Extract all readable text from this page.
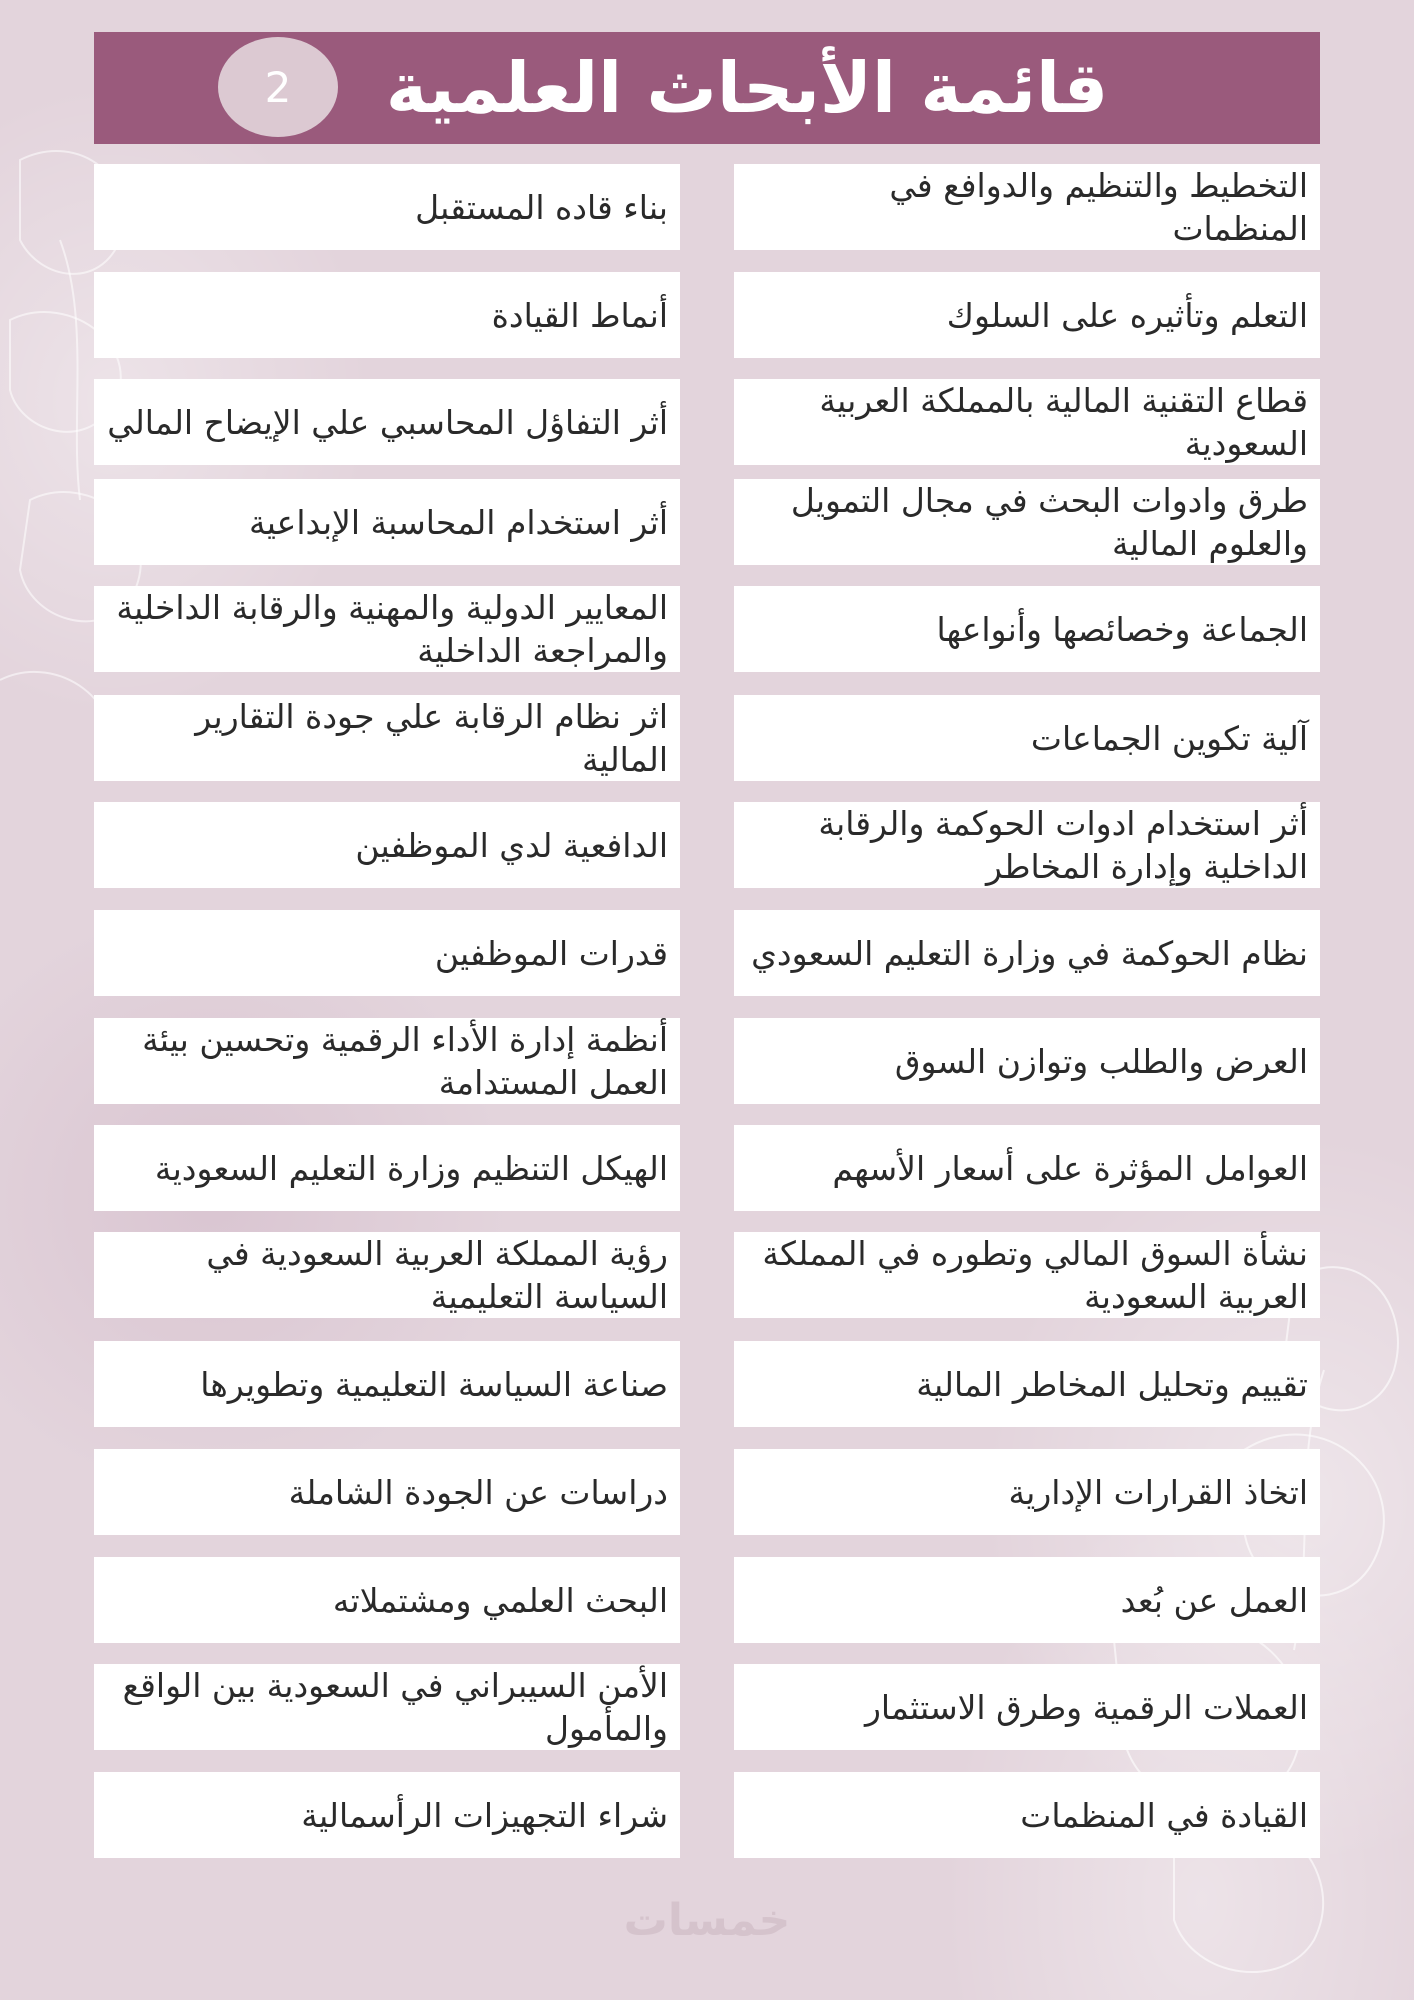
2	قائمة الأبحاث العلمية
التخطيط والتنظيم والدوافع في المنظمات
التعلم وتأثيره على السلوك
قطاع التقنية المالية بالمملكة العربية السعودية
طرق وادوات البحث في مجال التمويل والعلوم المالية
الجماعة وخصائصها وأنواعها
آلية تكوين الجماعات
أثر استخدام ادوات الحوكمة والرقابة الداخلية وإدارة المخاطر
نظام الحوكمة في وزارة التعليم السعودي
العرض والطلب وتوازن السوق
العوامل المؤثرة على أسعار الأسهم
نشأة السوق المالي وتطوره في المملكة العربية السعودية
تقييم وتحليل المخاطر المالية
اتخاذ القرارات الإدارية
العمل عن بُعد
العملات الرقمية وطرق الاستثمار
القيادة في المنظمات
بناء قاده المستقبل
أنماط القيادة
أثر التفاؤل المحاسبي علي الإيضاح المالي
أثر استخدام المحاسبة الإبداعية
المعايير الدولية والمهنية والرقابة الداخلية والمراجعة الداخلية
اثر نظام الرقابة علي جودة التقارير المالية
الدافعية لدي الموظفين
قدرات الموظفين
أنظمة إدارة الأداء الرقمية وتحسين بيئة العمل المستدامة
الهيكل التنظيم وزارة التعليم السعودية
رؤية المملكة العربية السعودية في السياسة التعليمية
صناعة السياسة التعليمية وتطويرها
دراسات عن الجودة الشاملة
البحث العلمي ومشتملاته
الأمن السيبراني في السعودية بين الواقع والمأمول
شراء التجهيزات الرأسمالية
خمسات
